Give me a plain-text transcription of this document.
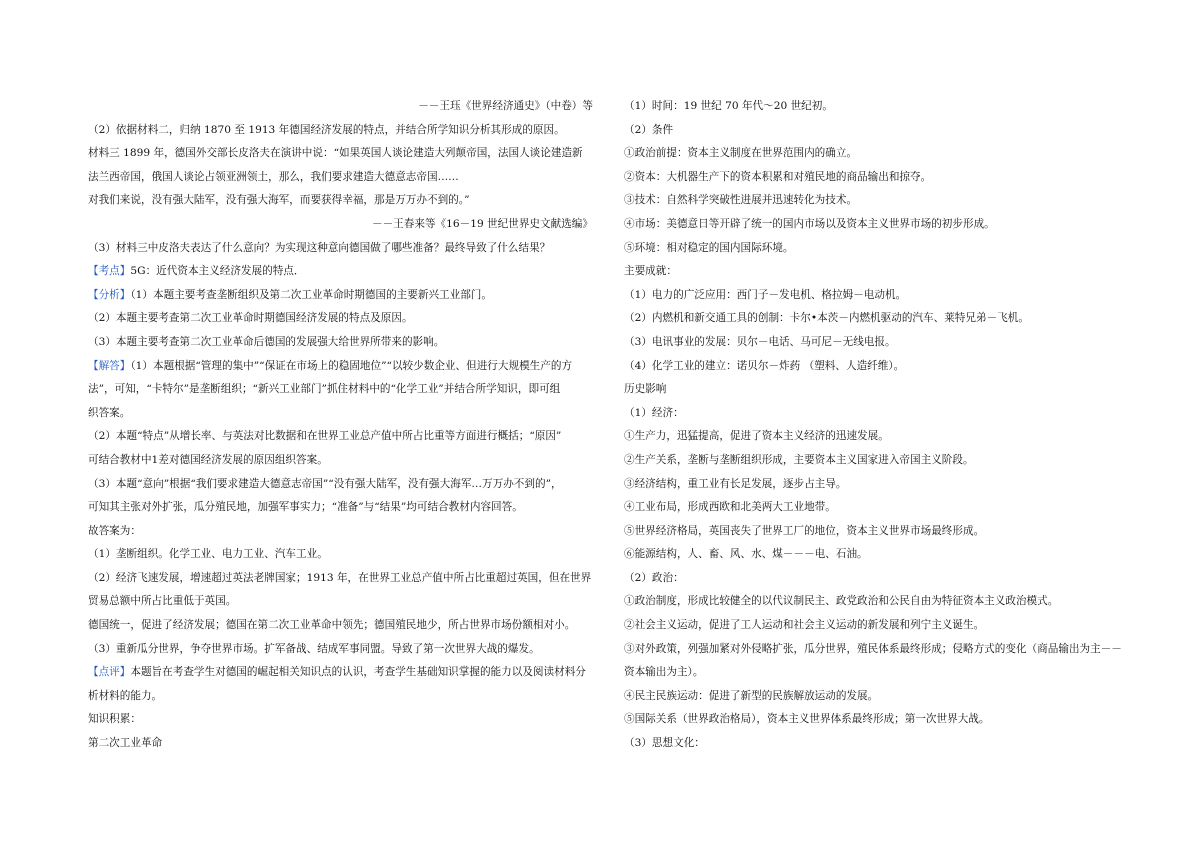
－－王珏《世界经济通史》（中卷）等
（2）依据材料二，归纳 1870 至 1913 年德国经济发展的特点，并结合所学知识分析其形成的原因。
材料三 1899 年，德国外交部长皮洛夫在演讲中说：“如果英国人谈论建造大列颠帝国，法国人谈论建造新
法兰西帝国，俄国人谈论占领亚洲领土，那么，我们要求建造大德意志帝国……
对我们来说，没有强大陆军，没有强大海军，而要获得幸福，那是万万办不到的。”
－－王春来等《16－19 世纪世界史文献选编》
（3）材料三中皮洛夫表达了什么意向？为实现这种意向德国做了哪些准备？最终导致了什么结果？
【考点】5G：近代资本主义经济发展的特点．
【分析】（1）本题主要考查垄断组织及第二次工业革命时期德国的主要新兴工业部门。
（2）本题主要考查第二次工业革命时期德国经济发展的特点及原因。
（3）本题主要考查第二次工业革命后德国的发展强大给世界所带来的影响。
【解答】（1）本题根据“管理的集中”“保证在市场上的稳固地位”“以较少数企业、但进行大规模生产的方
法”，可知，“卡特尔”是垄断组织；“新兴工业部门”抓住材料中的“化学工业”并结合所学知识，即可组
织答案。
（2）本题“特点”从增长率、与英法对比数据和在世界工业总产值中所占比重等方面进行概括；“原因”
可结合教材中1差对德国经济发展的原因组织答案。
（3）本题“意向”根据“我们要求建造大德意志帝国”“没有强大陆军，没有强大海军…万万办不到的”，
可知其主张对外扩张，瓜分殖民地，加强军事实力；“准备”与“结果”均可结合教材内容回答。
故答案为：
（1）垄断组织。化学工业、电力工业、汽车工业。
（2）经济飞速发展，增速超过英法老牌国家；1913 年，在世界工业总产值中所占比重超过英国，但在世界
贸易总额中所占比重低于英国。
德国统一，促进了经济发展；德国在第二次工业革命中领先；德国殖民地少，所占世界市场份额相对小。
（3）重新瓜分世界，争夺世界市场。扩军备战、结成军事同盟。导致了第一次世界大战的爆发。
【点评】本题旨在考查学生对德国的崛起相关知识点的认识，考查学生基础知识掌握的能力以及阅读材料分
析材料的能力。
知识积累：
第二次工业革命
（1）时间：19 世纪 70 年代～20 世纪初。
（2）条件
①政治前提：资本主义制度在世界范围内的确立。
②资本：大机器生产下的资本积累和对殖民地的商品输出和掠夺。
③技术：自然科学突破性进展并迅速转化为技术。
④市场：美德意日等开辟了统一的国内市场以及资本主义世界市场的初步形成。
⑤环境：相对稳定的国内国际环境。
主要成就：
（1）电力的广泛应用：西门子－发电机、格拉姆－电动机。
（2）内燃机和新交通工具的创制：卡尔•本茨－内燃机驱动的汽车、莱特兄弟－飞机。
（3）电讯事业的发展：贝尔－电话、马可尼－无线电报。
（4）化学工业的建立：诺贝尔－炸药 （塑料、人造纤维）。
历史影响
（1）经济：
①生产力，迅猛提高，促进了资本主义经济的迅速发展。
②生产关系，垄断与垄断组织形成，主要资本主义国家进入帝国主义阶段。
③经济结构，重工业有长足发展，逐步占主导。
④工业布局，形成西欧和北美两大工业地带。
⑤世界经济格局，英国丧失了世界工厂的地位，资本主义世界市场最终形成。
⑥能源结构，人、畜、风、水、煤－－－电、石油。
（2）政治：
①政治制度，形成比较健全的以代议制民主、政党政治和公民自由为特征资本主义政治模式。
②社会主义运动，促进了工人运动和社会主义运动的新发展和列宁主义诞生。
③对外政策，列强加紧对外侵略扩张，瓜分世界，殖民体系最终形成；侵略方式的变化（商品输出为主－－
资本输出为主）。
④民主民族运动：促进了新型的民族解放运动的发展。
⑤国际关系（世界政治格局），资本主义世界体系最终形成；第一次世界大战。
（3）思想文化：
